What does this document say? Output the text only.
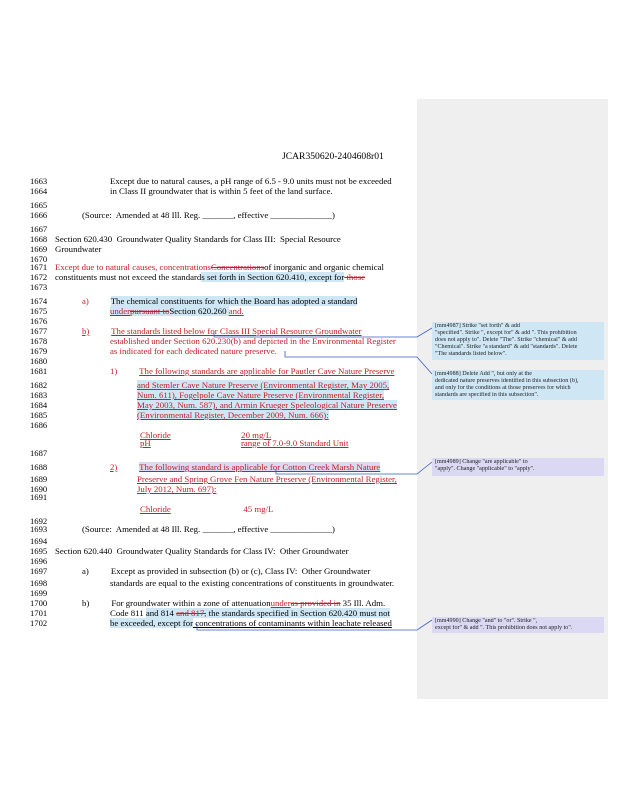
JCAR350620-2404608r01
1663	Except due to natural causes, a pH range of 6.5 - 9.0 units must not be exceeded
1664	in Class II groundwater that is within 5 feet of the land surface.
1665
1666	(Source:  Amended at 48 Ill. Reg. _______, effective ______________)
1667
1668 Section 620.430  Groundwater Quality Standards for Class III:  Special Resource
1669 Groundwater
1670
1671 Except due to natural causes, concentrationsConcentrationsof inorganic and organic chemical
1672 constituents must not exceed the standards set forth in Section 620.410, except for those
1673
1674	a) The chemical constituents for which the Board has adopted a standard
1675	underpursuant toSection 620.260 and.
1676
1677	b) The standards listed below for Class III Special Resource Groundwater
1678	established under Section 620.230(b) and depicted in the Environmental Register
1679	as indicated for each dedicated nature preserve.
1680
1681	1) The following standards are applicable for Pautler Cave Nature Preserve
1682	and Stemler Cave Nature Preserve (Environmental Register, May 2005,
1683	Num. 611), Fogelpole Cave Nature Preserve (Environmental Register,
1684	May 2003, Num. 587), and Armin Krueger Speleological Nature Preserve
1685	(Environmental Register, December 2009, Num. 666):
1686
Chloride	20 mg/L
pH	range of 7.0-9.0 Standard Unit
1687
1688	2) The following standard is applicable for Cotton Creek Marsh Nature
1689	Preserve and Spring Grove Fen Nature Preserve (Environmental Register,
1690	July 2012, Num. 697):
1691
Chloride	45 mg/L
1692
1693	(Source:  Amended at 48 Ill. Reg. _______, effective ______________)
1694
1695 Section 620.440  Groundwater Quality Standards for Class IV:  Other Groundwater
1696
1697	a)	Except as provided in subsection (b) or (c), Class IV:  Other Groundwater
1698	standards are equal to the existing concentrations of constituents in groundwater.
1699
1700	b)	For groundwater within a zone of attenuationunderas provided in 35 Ill. Adm.
1701	Code 811 and 814 and 817, the standards specified in Section 620.420 must not
1702	be exceeded, except for concentrations of contaminants within leachate released
[mm4987] Strike "set forth" & add
"specified". Strike ", except for" & add ". This prohibition
does not apply to". Delete "The". Strike "chemical" & add
"Chemical". Strike "a standard" & add "standards". Delete
"The standards listed below".
[mm4988] Delete Add ", but only at the
dedicated nature preserves identified in this subsection (b),
and only for the conditions at those preserves for which
standards are specified in this subsection".
[mm4989] Change "are applicable" to
"apply". Change "applicable" to "apply".
[mm4990] Change "and" to "or". Strike ",
except for" & add ". This prohibition does not apply to".
